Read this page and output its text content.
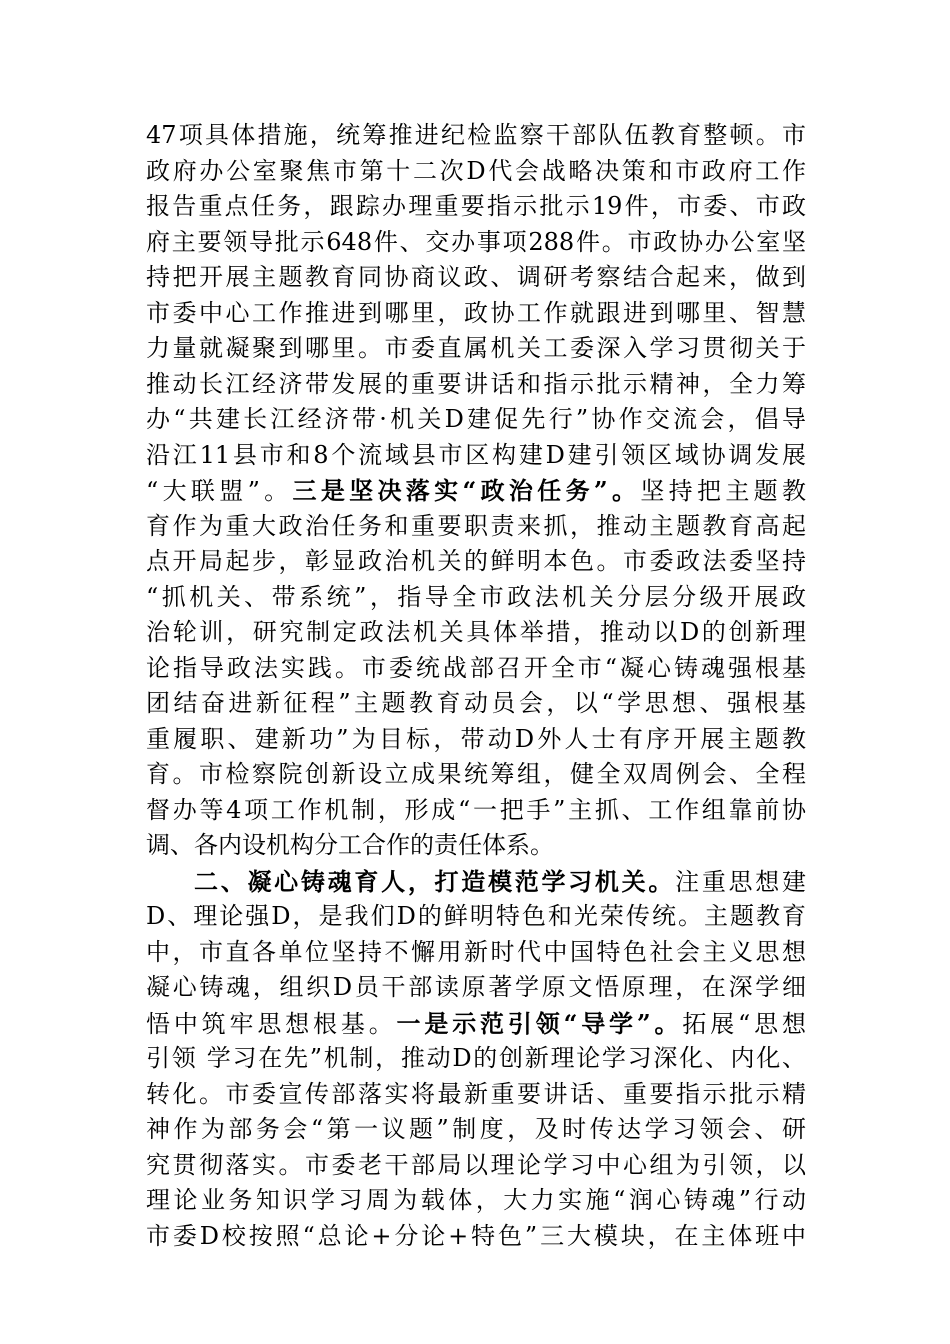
47项具体措施，统筹推进纪检监察干部队伍教育整顿。市
政府办公室聚焦市第十二次D代会战略决策和市政府工作
报告重点任务，跟踪办理重要指示批示19件，市委、市政
府主要领导批示648件、交办事项288件。市政协办公室坚
持把开展主题教育同协商议政、调研考察结合起来，做到
市委中心工作推进到哪里，政协工作就跟进到哪里、智慧
力量就凝聚到哪里。市委直属机关工委深入学习贯彻关于
推动长江经济带发展的重要讲话和指示批示精神，全力筹
办“共建长江经济带·机关D建促先行”协作交流会，倡导
沿江11县市和8个流域县市区构建D建引领区域协调发展
“大联盟”。三是坚决落实“政治任务”。坚持把主题教
育作为重大政治任务和重要职责来抓，推动主题教育高起
点开局起步，彰显政治机关的鲜明本色。市委政法委坚持
“抓机关、带系统”，指导全市政法机关分层分级开展政
治轮训，研究制定政法机关具体举措，推动以D的创新理
论指导政法实践。市委统战部召开全市“凝心铸魂强根基
团结奋进新征程”主题教育动员会，以“学思想、强根基
重履职、建新功”为目标，带动D外人士有序开展主题教
育。市检察院创新设立成果统筹组，健全双周例会、全程
督办等4项工作机制，形成“一把手”主抓、工作组靠前协
调、各内设机构分工合作的责任体系。
二、凝心铸魂育人，打造模范学习机关。注重思想建
D、理论强D，是我们D的鲜明特色和光荣传统。主题教育
中，市直各单位坚持不懈用新时代中国特色社会主义思想
凝心铸魂，组织D员干部读原著学原文悟原理，在深学细
悟中筑牢思想根基。一是示范引领“导学”。拓展“思想
引领 学习在先”机制，推动D的创新理论学习深化、内化、
转化。市委宣传部落实将最新重要讲话、重要指示批示精
神作为部务会“第一议题”制度，及时传达学习领会、研
究贯彻落实。市委老干部局以理论学习中心组为引领，以
理论业务知识学习周为载体，大力实施“润心铸魂”行动
市委D校按照“总论+分论+特色”三大模块，在主体班中
